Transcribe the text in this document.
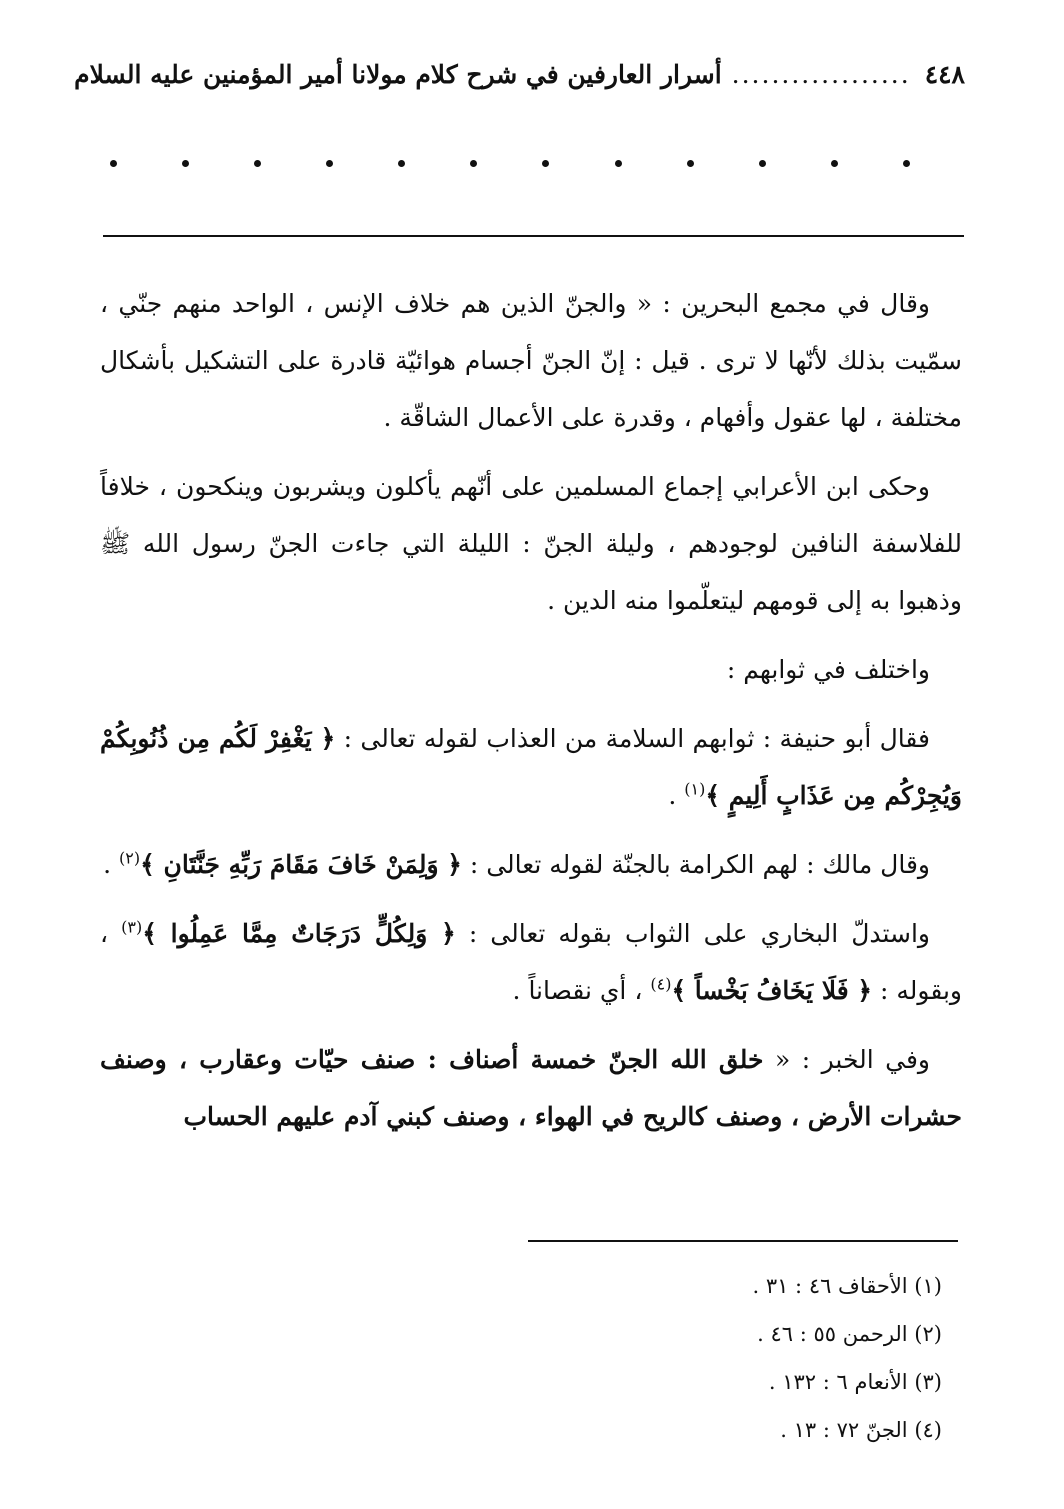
٤٤٨
..................
أسرار العارفين في شرح كلام مولانا أمير المؤمنين عليه السلام

وقال في مجمع البحرين : « والجنّ الذين هم خلاف الإنس ، الواحد منهم جنّي ، سمّيت بذلك لأنّها لا ترى . قيل : إنّ الجنّ أجسام هوائيّة قادرة على التشكيل بأشكال مختلفة ، لها عقول وأفهام ، وقدرة على الأعمال الشاقّة .

وحكى ابن الأعرابي إجماع المسلمين على أنّهم يأكلون ويشربون وينكحون ، خلافاً للفلاسفة النافين لوجودهم ، وليلة الجنّ : الليلة التي جاءت الجنّ رسول الله ﷺ وذهبوا به إلى قومهم ليتعلّموا منه الدين .

واختلف في ثوابهم :

فقال أبو حنيفة : ثوابهم السلامة من العذاب لقوله تعالى : ﴿ يَغْفِرْ لَكُم مِن ذُنُوبِكُمْ وَيُجِرْكُم مِن عَذَابٍ أَلِيمٍ ﴾$^{(١)}$ .

وقال مالك : لهم الكرامة بالجنّة لقوله تعالى : ﴿ وَلِمَنْ خَافَ مَقَامَ رَبِّهِ جَنَّتَانِ ﴾$^{(٢)}$ .

واستدلّ البخاري على الثواب بقوله تعالى : ﴿ وَلِكُلٍّ دَرَجَاتٌ مِمَّا عَمِلُوا ﴾$^{(٣)}$ ، وبقوله : ﴿ فَلَا يَخَافُ بَخْساً ﴾$^{(٤)}$ ، أي نقصاناً .

وفي الخبر : « خلق الله الجنّ خمسة أصناف : صنف حيّات وعقارب ، وصنف حشرات الأرض ، وصنف كالريح في الهواء ، وصنف كبني آدم عليهم الحساب

(١) الأحقاف ٤٦ : ٣١ .
(٢) الرحمن ٥٥ : ٤٦ .
(٣) الأنعام ٦ : ١٣٢ .
(٤) الجنّ ٧٢ : ١٣ .
